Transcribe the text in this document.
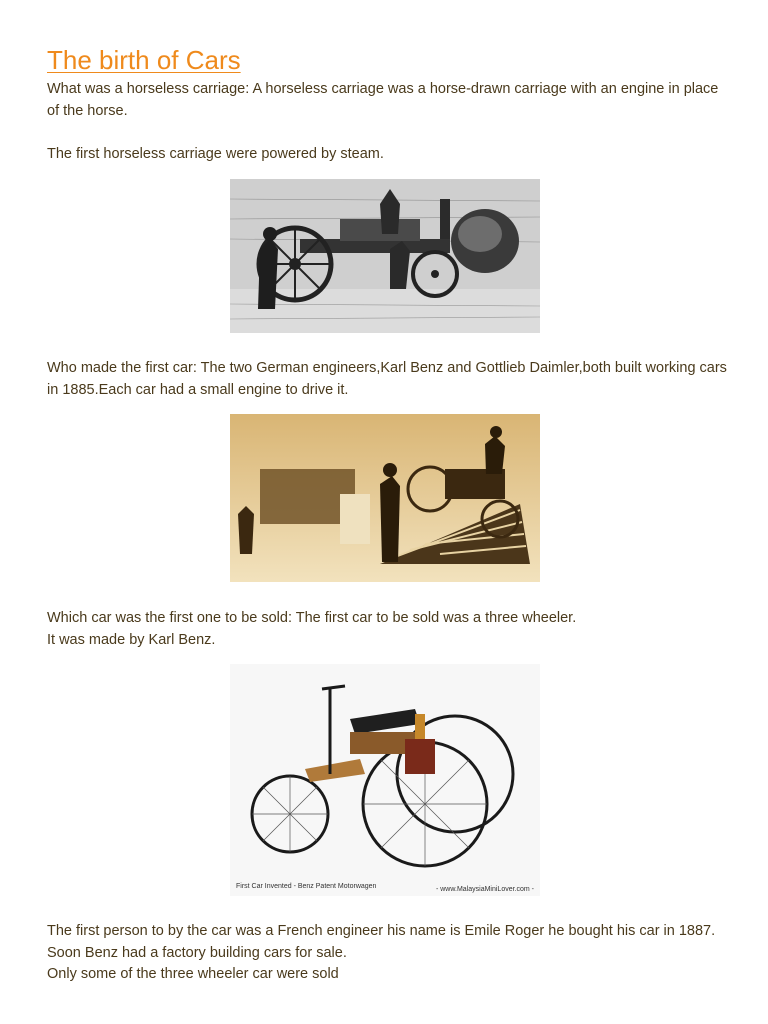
The birth of Cars

What was a horseless carriage: A horseless carriage was a horse-drawn carriage with an engine in place of the horse.

The first horseless carriage were powered by steam.

Who made the first car: The two German engineers,Karl Benz and Gottlieb Daimler,both built working cars in 1885.Each car had a small engine to drive it.

Which car was the first one to be sold: The first car to be sold was a three wheeler.

It was made by Karl Benz.

First Car Invented - Benz Patent Motorwagen	- www.MalaysiaMiniLover.com -

The first person to by the car was a French engineer his name is Emile Roger he bought his car in 1887.

Soon Benz had a factory building cars for sale.

Only some of the three wheeler car were sold
